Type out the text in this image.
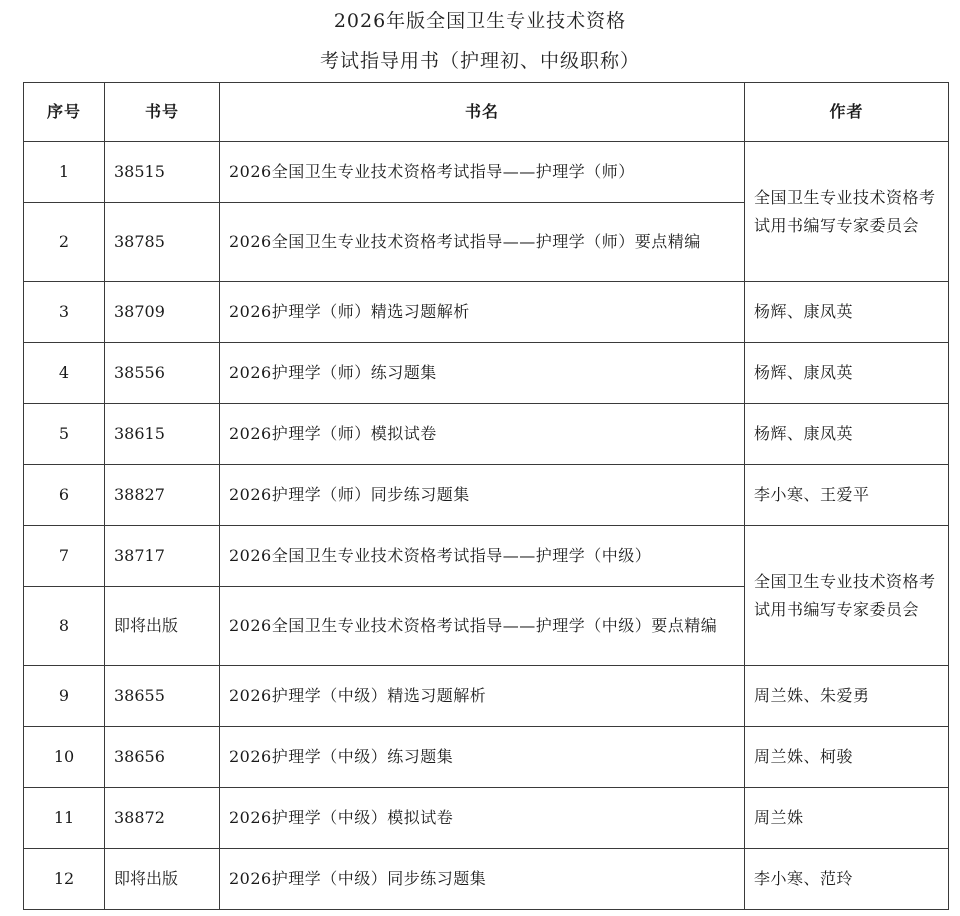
2026年版全国卫生专业技术资格
考试指导用书（护理初、中级职称）
序号	书号	书名	作者
1	38515	2026全国卫生专业技术资格考试指导——护理学（师）	全国卫生专业技术资格考试用书编写专家委员会
2	38785	2026全国卫生专业技术资格考试指导——护理学（师）要点精编	
3	38709	2026护理学（师）精选习题解析	杨辉、康凤英
4	38556	2026护理学（师）练习题集	杨辉、康凤英
5	38615	2026护理学（师）模拟试卷	杨辉、康凤英
6	38827	2026护理学（师）同步练习题集	李小寒、王爱平
7	38717	2026全国卫生专业技术资格考试指导——护理学（中级）	全国卫生专业技术资格考试用书编写专家委员会
8	即将出版	2026全国卫生专业技术资格考试指导——护理学（中级）要点精编	
9	38655	2026护理学（中级）精选习题解析	周兰姝、朱爱勇
10	38656	2026护理学（中级）练习题集	周兰姝、柯骏
11	38872	2026护理学（中级）模拟试卷	周兰姝
12	即将出版	2026护理学（中级）同步练习题集	李小寒、范玲
